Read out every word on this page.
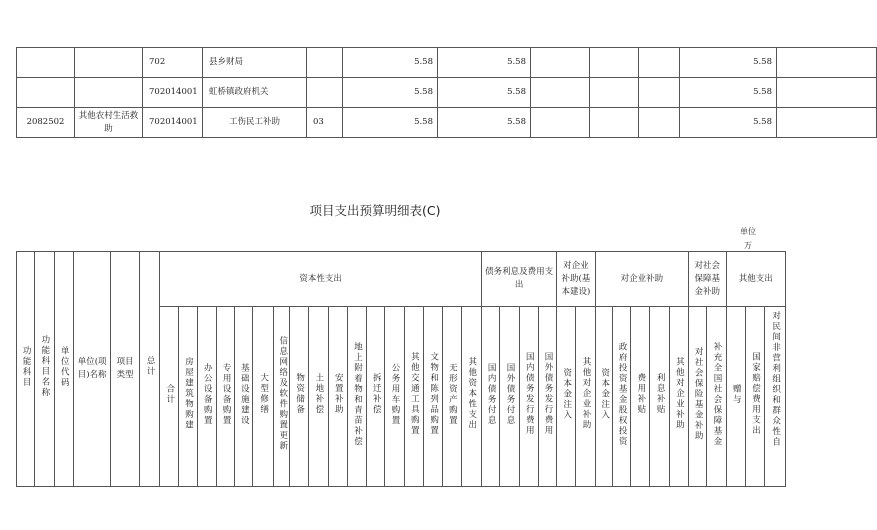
		702	县乡财局		5.58	5.58				5.58	
		702014001	虹桥镇政府机关		5.58	5.58				5.58	
2082502	其他农村生活救助	702014001	工伤民工补助	03	5.58	5.58				5.58	
项目支出预算明细表(C)
单位
万
功能科目	功能科目名称	单位代码	单位(项目)名称	项目类型	总计	资本性支出																	债务利息及费用支出				对企业补助(基本建设)		对企业补助					对社会保障基金补助		其他支出		
						合计	房屋建筑物购建	办公设备购置	专用设备购置	基础设施建设	大型修缮	信息网络及软件购置更新	物资储备	土地补偿	安置补助	地上附着物和青苗补偿	拆迁补偿	公务用车购置	其他交通工具购置	文物和陈列品购置	无形资产购置	其他资本性支出	国内债务付息	国外债务付息	国内债务发行费用	国外债务发行费用	资本金注入	其他对企业补助	资本金注入	政府投资基金股权投资	费用补贴	利息补贴	其他对企业补助	对社会保险基金补助	补充全国社会保障基金	赠与	国家赔偿费用支出	对民间非营利组织和群众性自
